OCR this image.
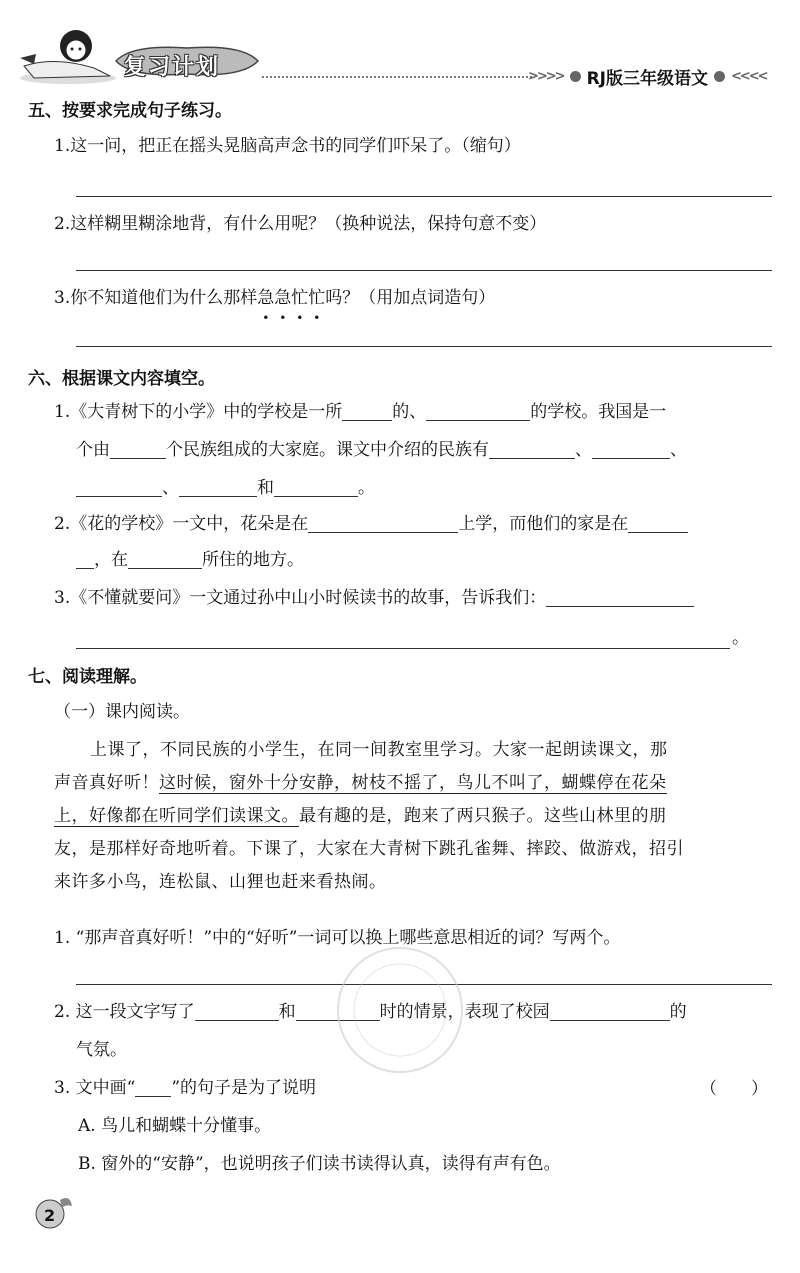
复习计划	>>>> RJ版三年级语文 <<<<
五、按要求完成句子练习。
1.这一问，把正在摇头晃脑高声念书的同学们吓呆了。（缩句）
2.这样糊里糊涂地背，有什么用呢？（换种说法，保持句意不变）
3.你不知道他们为什么那样急急忙忙吗？（用加点词造句）
六、根据课文内容填空。
1.《大青树下的小学》中的学校是一所	的、	的学校。我国是一
个由	个民族组成的大家庭。课文中介绍的民族有	、	、
、	和	。
2.《花的学校》一文中，花朵是在	上学，而他们的家是在
，在	所住的地方。
3.《不懂就要问》一文通过孙中山小时候读书的故事，告诉我们：
。
七、阅读理解。
（一）课内阅读。
上课了，不同民族的小学生，在同一间教室里学习。大家一起朗读课文，那
声音真好听！这时候，窗外十分安静，树枝不摇了，鸟儿不叫了，蝴蝶停在花朵
上，好像都在听同学们读课文。最有趣的是，跑来了两只猴子。这些山林里的朋
友，是那样好奇地听着。下课了，大家在大青树下跳孔雀舞、摔跤、做游戏，招引
来许多小鸟，连松鼠、山狸也赶来看热闹。
1. “那声音真好听！”中的“好听”一词可以换上哪些意思相近的词？写两个。
2. 这一段文字写了	和	时的情景，表现了校园	的
气氛。
3. 文中画“ ”的句子是为了说明	（　　）
A. 鸟儿和蝴蝶十分懂事。
B. 窗外的“安静”，也说明孩子们读书读得认真，读得有声有色。
2
